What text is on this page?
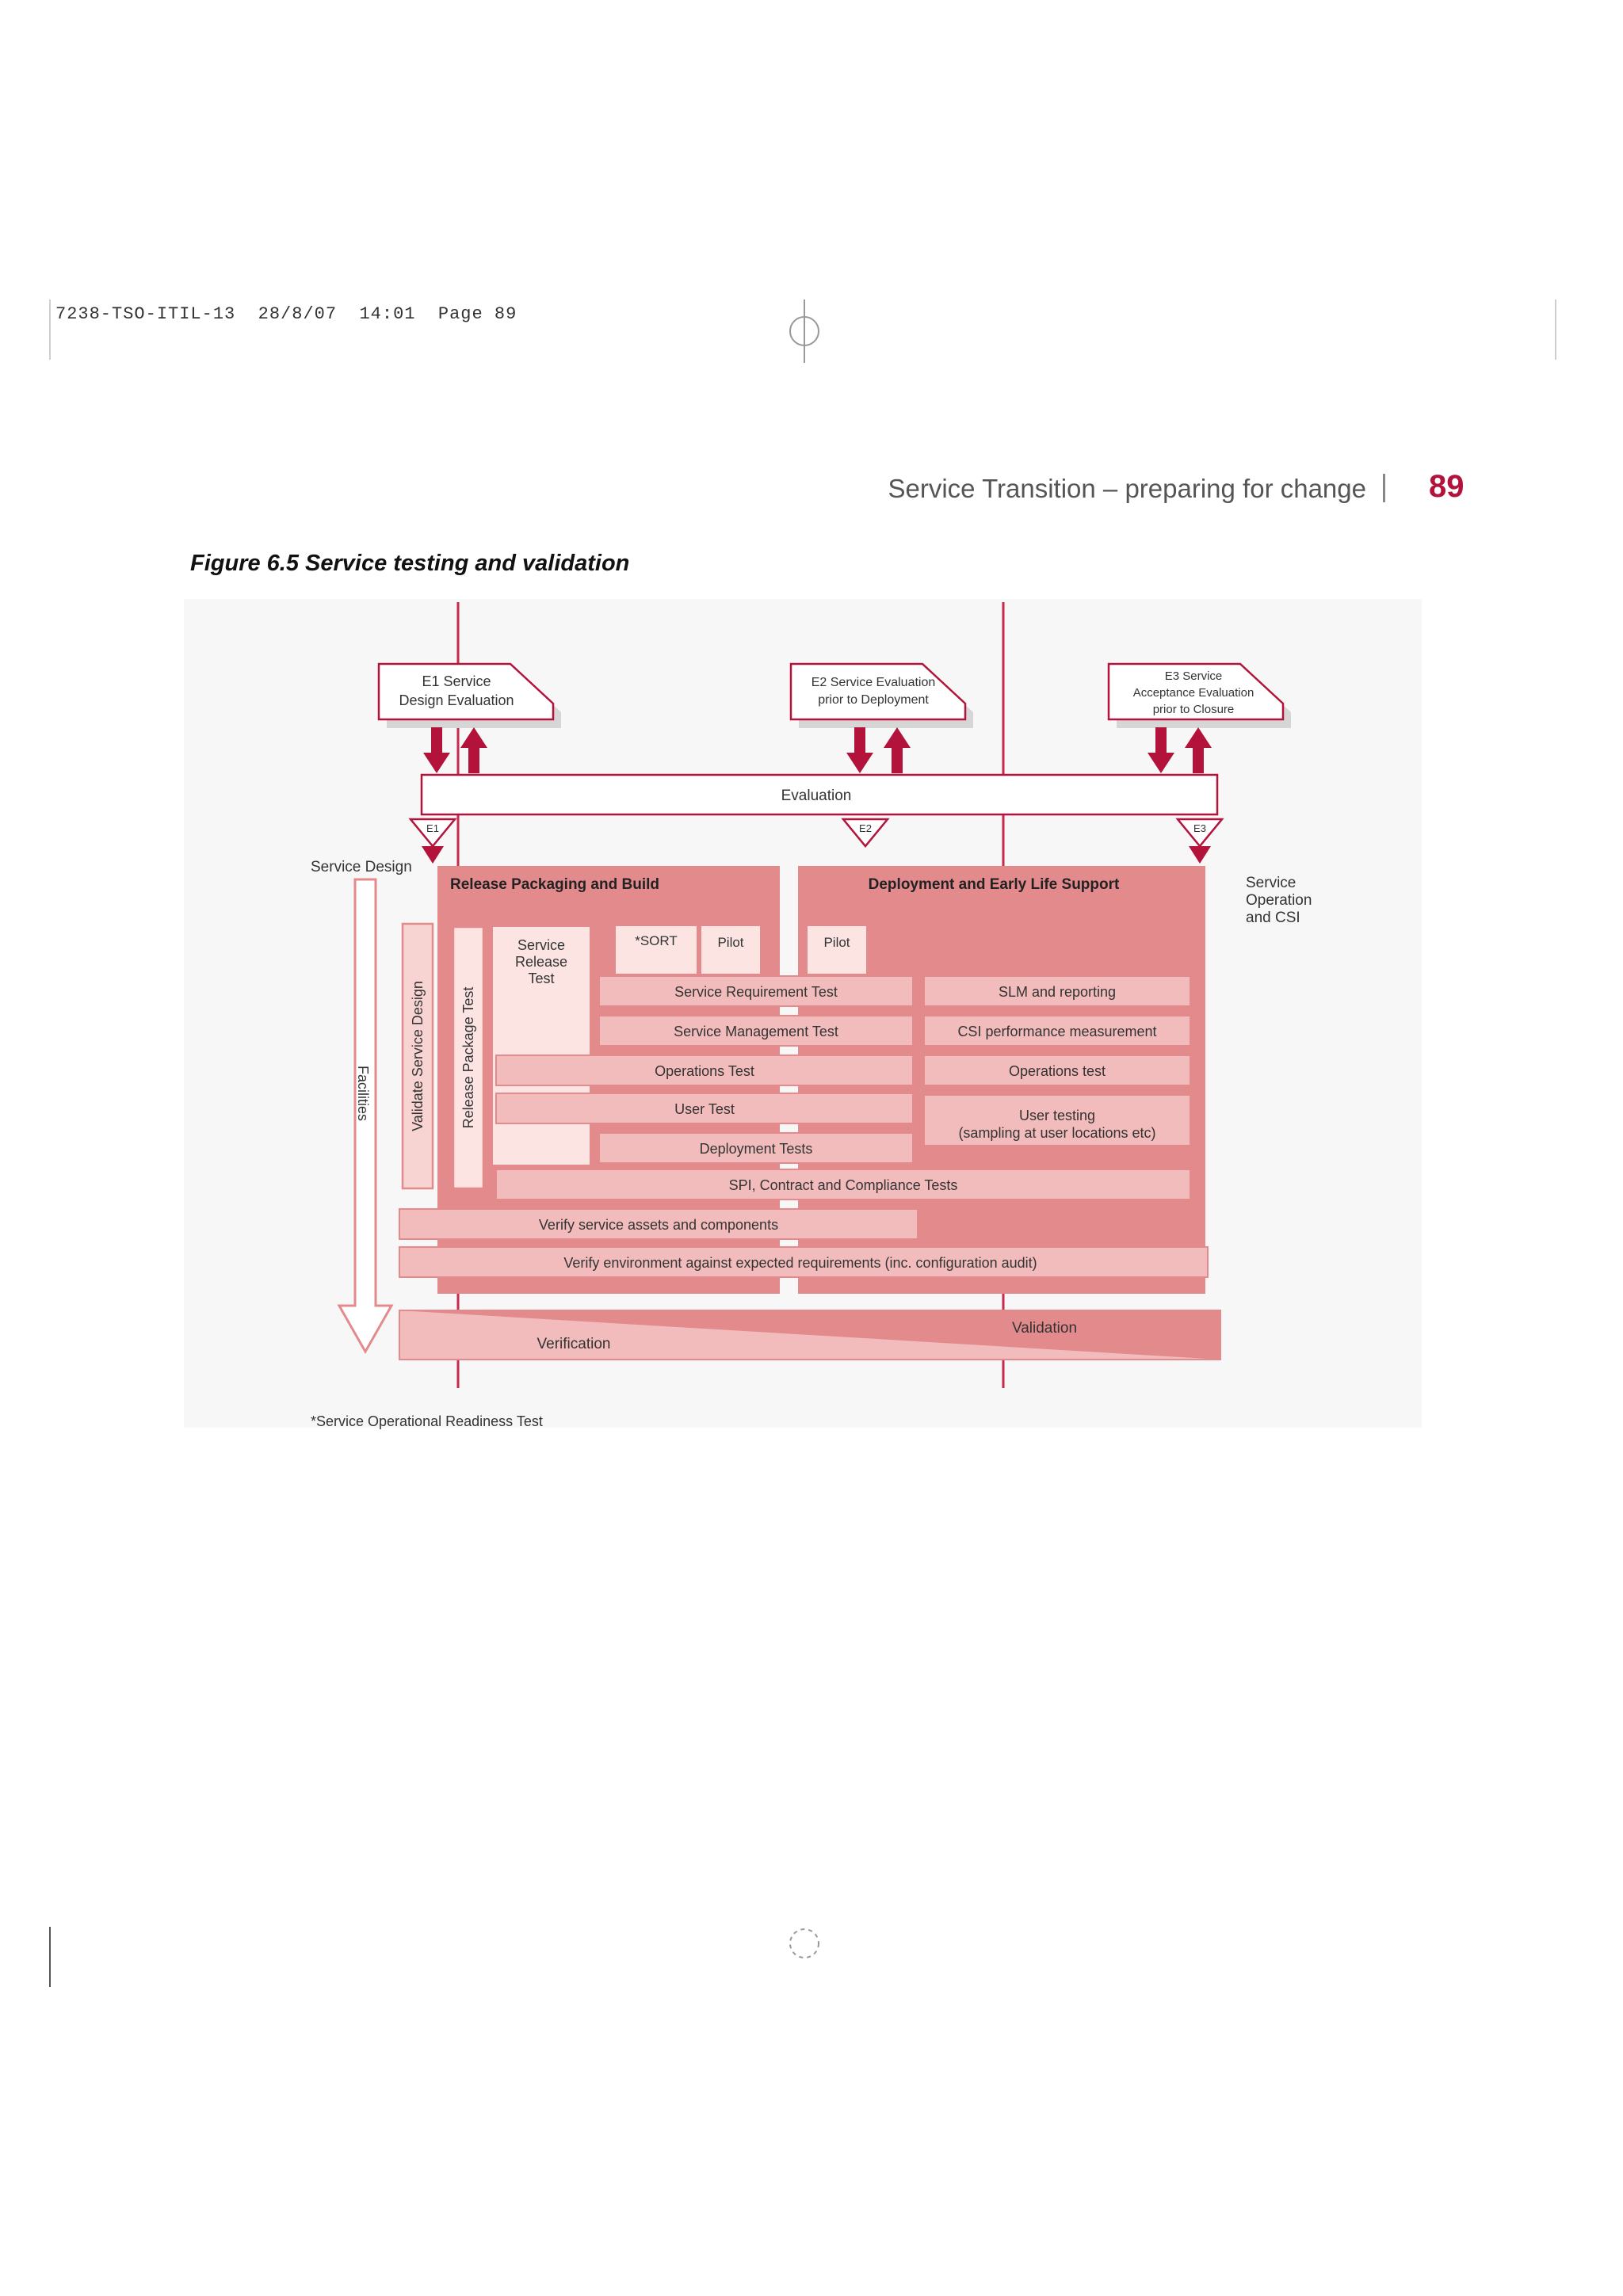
7238-TSO-ITIL-13  28/8/07  14:01  Page 89
Service Transition – preparing for change 89
Figure 6.5 Service testing and validation
E1 Service
Design Evaluation
E2 Service Evaluation
prior to Deployment
E3 Service
Acceptance Evaluation
prior to Closure
Evaluation
E1	E2	E3
Service Design
Service
Operation
and CSI
Release Packaging and Build	Deployment and Early Life Support
Facilities	Validate Service Design Release Package Test
Service
Release
Test
*SORT	Pilot	Pilot
Service Requirement Test
Service Management Test
Operations Test
User Test
Deployment Tests
SLM and reporting
CSI performance measurement
Operations test
User testing
(sampling at user locations etc)
SPI, Contract and Compliance Tests
Verify service assets and components
Verify environment against expected requirements (inc. configuration audit)
Validation
Verification
*Service Operational Readiness Test
